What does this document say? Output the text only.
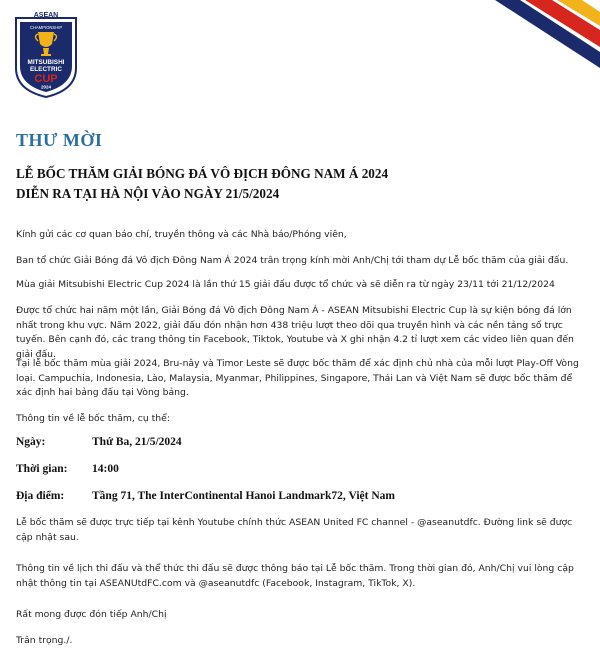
ASEAN
CHAMPIONSHIP
MITSUBISHI
ELECTRIC
CUP
2024
THƯ MỜI
LỄ BỐC THĂM GIẢI BÓNG ĐÁ VÔ ĐỊCH ĐÔNG NAM Á 2024
DIỄN RA TẠI HÀ NỘI VÀO NGÀY 21/5/2024

Kính gửi các cơ quan báo chí, truyền thông và các Nhà báo/Phóng viên,

Ban tổ chức Giải Bóng đá Vô địch Đông Nam Á 2024 trân trọng kính mời Anh/Chị tới tham dự Lễ bốc thăm của giải đấu.

Mùa giải Mitsubishi Electric Cup 2024 là lần thứ 15 giải đấu được tổ chức và sẽ diễn ra từ ngày 23/11 tới 21/12/2024

Được tổ chức hai năm một lần, Giải Bóng đá Vô địch Đông Nam Á - ASEAN Mitsubishi Electric Cup là sự kiện bóng đá lớn nhất trong khu vực. Năm 2022, giải đấu đón nhận hơn 438 triệu lượt theo dõi qua truyền hình và các nền tảng số trực tuyến. Bên cạnh đó, các trang thông tin Facebook, Tiktok, Youtube và X ghi nhận 4.2 tỉ lượt xem các video liên quan đến giải đấu.

Tại lễ bốc thăm mùa giải 2024, Bru-nây và Timor Leste sẽ được bốc thăm để xác định chủ nhà của mỗi lượt Play-Off Vòng loại. Campuchia, Indonesia, Lào, Malaysia, Myanmar, Philippines, Singapore, Thái Lan và Việt Nam sẽ được bốc thăm để xác định hai bảng đấu tại Vòng bảng.

Thông tin về lễ bốc thăm, cụ thể:

Ngày:	Thứ Ba, 21/5/2024
Thời gian: 14:00
Địa điểm: Tầng 71, The InterContinental Hanoi Landmark72, Việt Nam

Lễ bốc thăm sẽ được trực tiếp tại kênh Youtube chính thức ASEAN United FC channel - @aseanutdfc. Đường link sẽ được cập nhật sau.

Thông tin về lịch thi đấu và thể thức thi đấu sẽ được thông báo tại Lễ bốc thăm. Trong thời gian đó, Anh/Chị vui lòng cập nhật thông tin tại ASEANUtdFC.com và @aseanutdfc (Facebook, Instagram, TikTok, X).

Rất mong được đón tiếp Anh/Chị

Trân trọng./.
